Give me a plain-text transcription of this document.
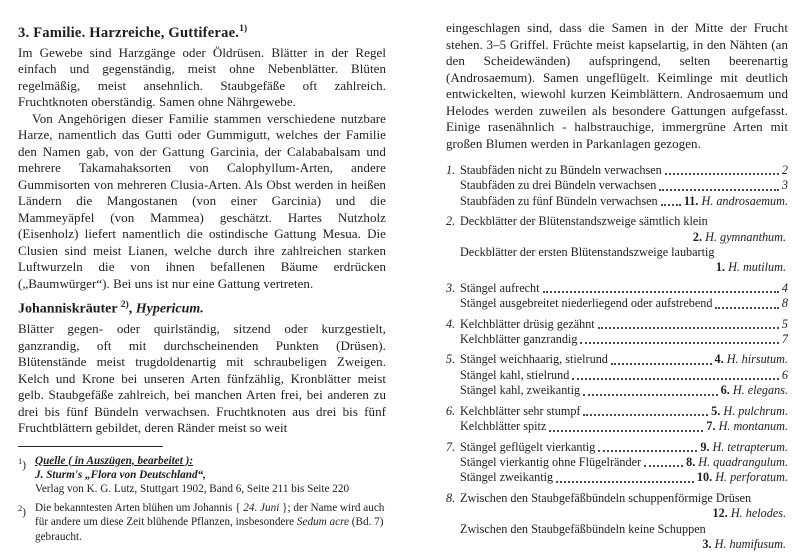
3. Familie. Harzreiche, Guttiferae.$^{1)}$

Im Gewebe sind Harzgänge oder Öldrüsen. Blätter in der Regel einfach und gegenständig, meist ohne Nebenblätter. Blüten regelmäßig, meist ansehnlich. Staubgefäße oft zahlreich. Fruchtknoten oberständig. Samen ohne Nährgewebe.

Von Angehörigen dieser Familie stammen verschiedene nutzbare Harze, namentlich das Gutti oder Gummigutt, welches der Familie den Namen gab, von der Gattung Garcinia, der Calababalsam und mehrere Takamahaksorten von Calophyllum-Arten, andere Gummisorten von mehreren Clusia-Arten. Als Obst werden in heißen Ländern die Mangostanen (von einer Garcinia) und die Mammeyäpfel (von Mammea) geschätzt. Hartes Nutzholz (Eisenholz) liefert namentlich die ostindische Gattung Mesua. Die Clusien sind meist Lianen, welche durch ihre zahlreichen starken Luftwurzeln die von ihnen befallenen Bäume erdrücken („Baumwürger“). Bei uns ist nur eine Gattung vertreten.

Johanniskräuter $^{2)}$, Hypericum.

Blätter gegen- oder quirlständig, sitzend oder kurzgestielt, ganzrandig, oft mit durchscheinenden Punkten (Drüsen). Blütenstände meist trugdoldenartig mit schraubeligen Zweigen. Kelch und Krone bei unseren Arten fünfzählig, Kronblätter meist gelb. Staubgefäße zahlreich, bei manchen Arten frei, bei anderen zu drei bis fünf Bündeln verwachsen. Fruchtknoten aus drei bis fünf Fruchtblättern gebildet, deren Ränder meist so weit

$^1$) Quelle ( in Auszügen, bearbeitet ):
J. Sturm's „Flora von Deutschland“,
Verlag von K. G. Lutz, Stuttgart 1902, Band 6, Seite 211 bis Seite 220
$^2$) Die bekanntesten Arten blühen um Johannis { 24. Juni }; der Name wird auch für andere um diese Zeit blühende Pflanzen, insbesondere Sedum acre (Bd. 7) gebraucht.

eingeschlagen sind, dass die Samen in der Mitte der Frucht stehen. 3–5 Griffel. Früchte meist kapselartig, in den Nähten (an den Scheidewänden) aufspringend, selten beerenartig (Androsaemum). Samen ungeflügelt. Keimlinge mit deutlich entwickelten, wiewohl kurzen Keimblättern. Androsaemum und Helodes werden zuweilen als besondere Gattungen aufgefasst. Einige rasenähnlich - halbstrauchige, immergrüne Arten mit großen Blumen werden in Parkanlagen gezogen.

1. Staubfäden nicht zu Bündeln verwachsen	2
Staubfäden zu drei Bündeln verwachsen	3
Staubfäden zu fünf Bündeln verwachsen 11. H. androsaemum.
2. Deckblätter der Blütenstandszweige sämtlich klein
2. H. gymnanthum.
Deckblätter der ersten Blütenstandszweige laubartig
1. H. mutilum.
3. Stängel aufrecht	4
Stängel ausgebreitet niederliegend oder aufstrebend	8
4. Kelchblätter drüsig gezähnt	5
Kelchblätter ganzrandig	7
5. Stängel weichhaarig, stielrund	4. H. hirsutum.
Stängel kahl, stielrund	6
Stängel kahl, zweikantig	6. H. elegans.
6. Kelchblätter sehr stumpf	5. H. pulchrum.
Kelchblätter spitz	7. H. montanum.
7. Stängel geflügelt vierkantig	9. H. tetrapterum.
Stängel vierkantig ohne Flügelränder	8. H. quadrangulum.
Stängel zweikantig	10. H. perforatum.
8. Zwischen den Staubgefäßbündeln schuppenförmige Drüsen
12. H. helodes.
Zwischen den Staubgefäßbündeln keine Schuppen
3. H. humifusum.
